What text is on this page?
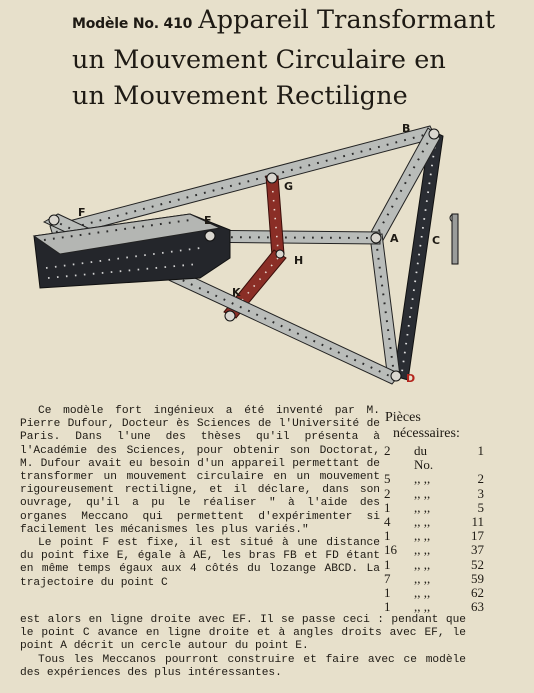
Modèle No. 410 Appareil Transformant
un Mouvement Circulaire en
un Mouvement Rectiligne
B
G
F
E
A	C
H
K
D

Ce modèle fort ingénieux a été inventé par M. Pierre Dufour, Docteur ès Sciences de l'Université de Paris. Dans l'une des thèses qu'il présenta à l'Académie des Sciences, pour obtenir son Doctorat, M. Dufour avait eu besoin d'un appareil permettant de transformer un mouvement circulaire en un mouvement rigoureusement rectiligne, et il déclare, dans son ouvrage, qu'il a pu le réaliser " à l'aide des organes Meccano qui permettent d'expérimenter si facilement les mécanismes les plus variés."

Le point F est fixe, il est situé à une distance du point fixe E, égale à AE, les bras FB et FD étant en même temps égaux aux 4 côtés du lozange ABCD. La trajectoire du point C

est alors en ligne droite avec EF. Il se passe ceci : pendant que le point C avance en ligne droite et à angles droits avec EF, le point A décrit un cercle autour du point E.

Tous les Meccanos pourront construire et faire avec ce modèle des expériences des plus intéressantes.

Pièces
nécessaires:
2	du No.	1
5	,, ,,	2
2	,, ,,	3
1	,, ,,	5
4	,, ,,	11
1	,, ,,	17
16	,, ,,	37
1	,, ,,	52
7	,, ,,	59
1	,, ,,	62
1	,, ,,	63
